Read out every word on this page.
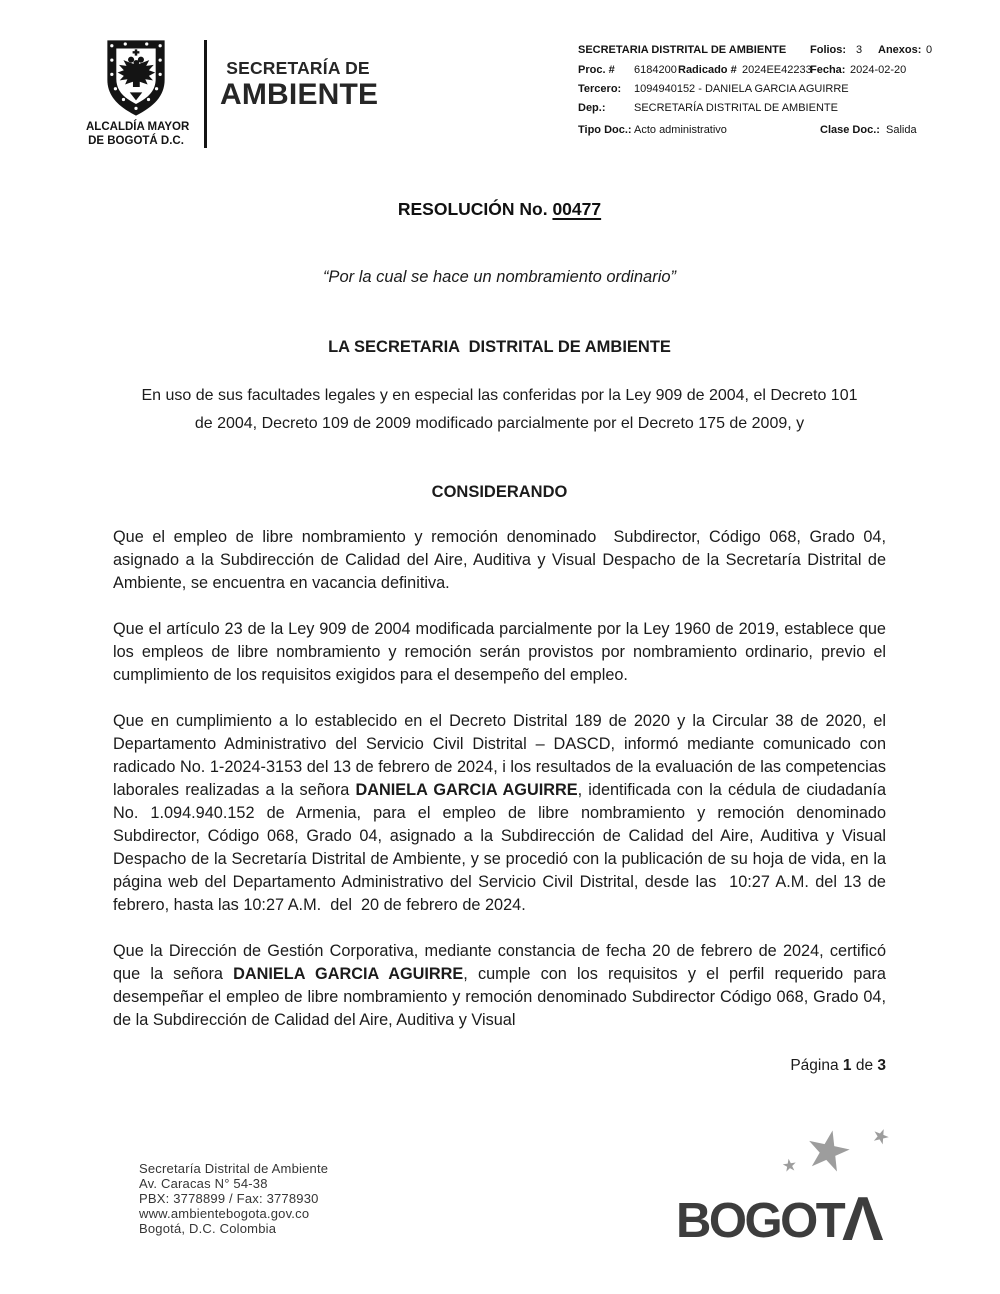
ALCALDÍA MAYOR
DE BOGOTÁ D.C.
SECRETARÍA DE
AMBIENTE
SECRETARIA DISTRITAL DE AMBIENTE Folios: 3 Anexos: 0
Proc. # 6184200 Radicado # 2024EE42233
Fecha: 2024-02-20
Tercero: 1094940152 - DANIELA GARCIA AGUIRRE
Dep.:	SECRETARÍA DISTRITAL DE AMBIENTE
Tipo Doc.: Acto administrativo	Clase Doc.: Salida
RESOLUCIÓN No. 00477

“Por la cual se hace un nombramiento ordinario”

LA SECRETARIA  DISTRITAL DE AMBIENTE

En uso de sus facultades legales y en especial las conferidas por la Ley 909 de 2004, el Decreto 101 de 2004, Decreto 109 de 2009 modificado parcialmente por el Decreto 175 de 2009, y

CONSIDERANDO

Que el empleo de libre nombramiento y remoción denominado  Subdirector, Código 068, Grado 04, asignado a la Subdirección de Calidad del Aire, Auditiva y Visual Despacho de la Secretaría Distrital de Ambiente, se encuentra en vacancia definitiva.

Que el artículo 23 de la Ley 909 de 2004 modificada parcialmente por la Ley 1960 de 2019, establece que los empleos de libre nombramiento y remoción serán provistos por nombramiento ordinario, previo el cumplimiento de los requisitos exigidos para el desempeño del empleo.

Que en cumplimiento a lo establecido en el Decreto Distrital 189 de 2020 y la Circular 38 de 2020, el Departamento Administrativo del Servicio Civil Distrital – DASCD, informó mediante comunicado con radicado No. 1-2024-3153 del 13 de febrero de 2024, i los resultados de la evaluación de las competencias laborales realizadas a la señora DANIELA GARCIA AGUIRRE, identificada con la cédula de ciudadanía No. 1.094.940.152 de Armenia, para el empleo de libre nombramiento y remoción denominado Subdirector, Código 068, Grado 04, asignado a la Subdirección de Calidad del Aire, Auditiva y Visual Despacho de la Secretaría Distrital de Ambiente, y se procedió con la publicación de su hoja de vida, en la página web del Departamento Administrativo del Servicio Civil Distrital, desde las  10:27 A.M. del 13 de febrero, hasta las 10:27 A.M.  del  20 de febrero de 2024.

Que la Dirección de Gestión Corporativa, mediante constancia de fecha 20 de febrero de 2024, certificó que la señora DANIELA GARCIA AGUIRRE, cumple con los requisitos y el perfil requerido para desempeñar el empleo de libre nombramiento y remoción denominado Subdirector Código 068, Grado 04, de la Subdirección de Calidad del Aire, Auditiva y Visual

Página 1 de 3
Secretaría Distrital de Ambiente
Av. Caracas N° 54-38
PBX: 3778899 / Fax: 3778930
www.ambientebogota.gov.co
Bogotá, D.C. Colombia
★ ★
★
BOGOT Λ
